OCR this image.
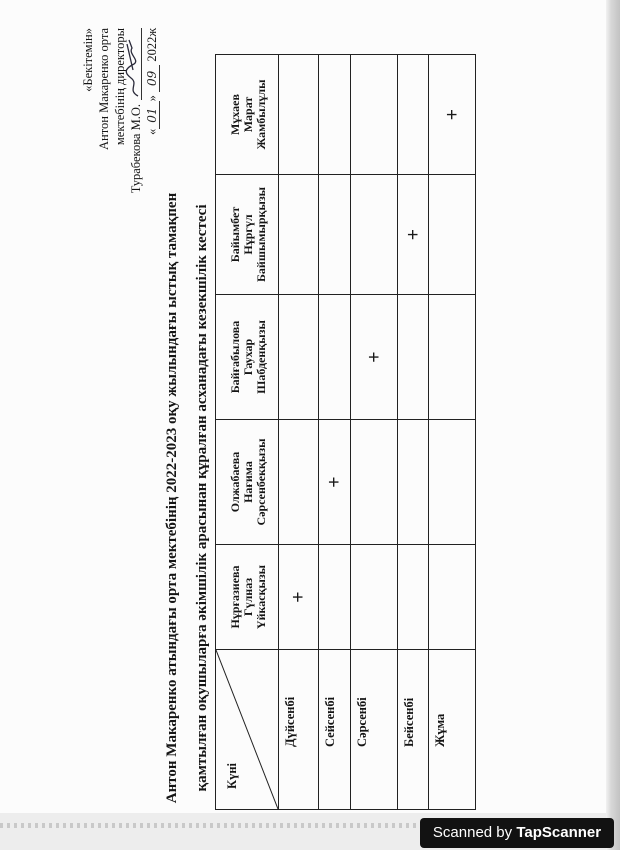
«Бекітемін» Антон Макаренко орта мектебінің директоры
Турабекова М.О. «01» 09 2022ж
Антон Макаренко атындағы орта мектебінің 2022-2023 оқу жылындағы ыстық тамақпен қамтылған оқушыларға әкімшілік арасынан құралған асханадағы кезекшілік кестесі	Күні	Нұрғазиева Гүлназ Үйкасқызы	Олжабаева Нағима Сәрсенбекқызы	Байғабылова Гаухар Шабденқызы	Байымбет Нұргүл Байшымырқызы	Мұхаев Марат Жамбылұлы

Дүйсенбі	+				
Сейсенбі		+			
Сәрсенбі			+		
Бейсенбі				+	
Жұма					+
Scanned by TapScanner
